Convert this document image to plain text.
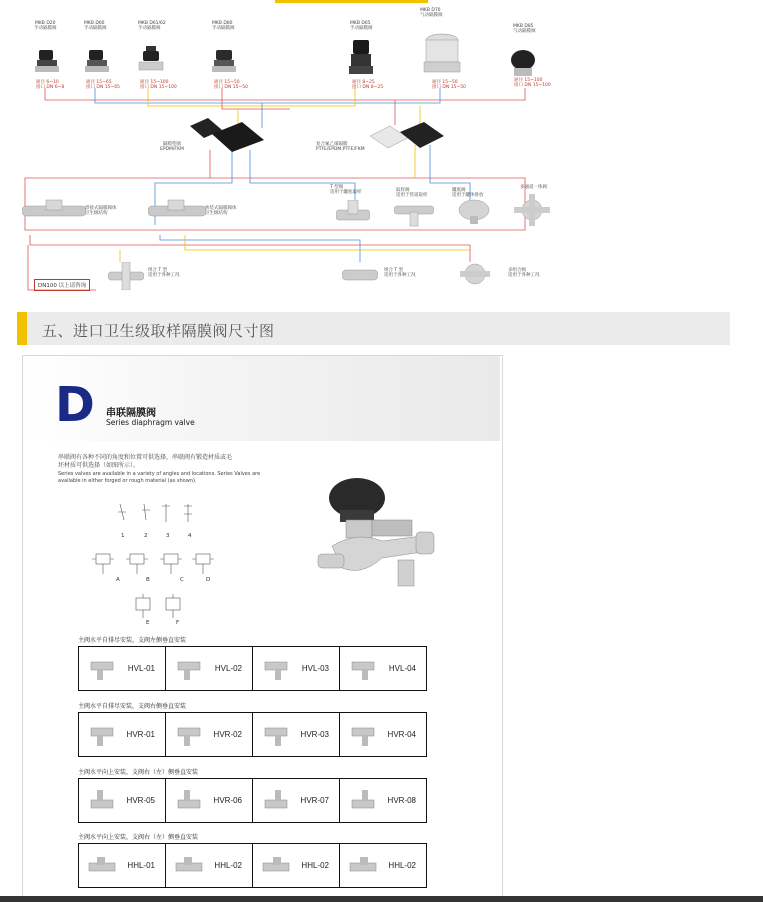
MKB D20
手动隔膜阀
通径 6~10
接口 DN 6~8
MKB D60
手动隔膜阀
通径 15~65
接口 DN 15~65
MKB D61/62
手动隔膜阀
通径 15~100
接口 DN 15~100
MKB D80
手动隔膜阀
通径 15~50
接口 DN 15~50
MKB D65
手动隔膜阀
通径 8~25
接口 DN 8~25
MKB D70
气动隔膜阀
通径 15~50
接口 DN 15~50
MKB D85
气动隔膜阀
通径 15~100
接口 DN 15~100
隔膜垫圈
EPDM/FKM
复合氟乙烯隔膜
PTFE/EPDM,PTFE/FKM
焊接式隔膜阀体
卫生级结构
快装式隔膜阀体
卫生级结构
T 型阀
适用于罐底取样	取样阀
适用于管道取样
罐底阀
适用于罐体排放
多通道一体阀
组合 T 型
适用于各种工况
组合 T 型
适用于各种工况
多组合阀
适用于各种工况
DN100 以上请咨询
五、进口卫生级取样隔膜阀尺寸图
D 串联隔膜阀
Series diaphragm valve
串联阀有各种不同的角度和位置可供选择，串联阀有锻造材质或毛
坯材质可供选择（如图所示）。
Series valves are available in a variety of angles and locations. Series Valves are
available in either forged or rough material (as shown).
1	2	3	4
A	B	C	D
E	F
主阀水平自排尽安装，支阀左侧垂直安装
HVL-01	HVL-02	HVL-03	HVL-04
主阀水平自排尽安装，支阀右侧垂直安装
HVR-01	HVR-02	HVR-03	HVR-04
主阀水平向上安装，支阀右（左）侧垂直安装
HVR-05	HVR-06	HVR-07	HVR-08
主阀水平向上安装，支阀右（左）侧垂直安装
HHL-01	HHL-02	HHL-02	HHL-02
